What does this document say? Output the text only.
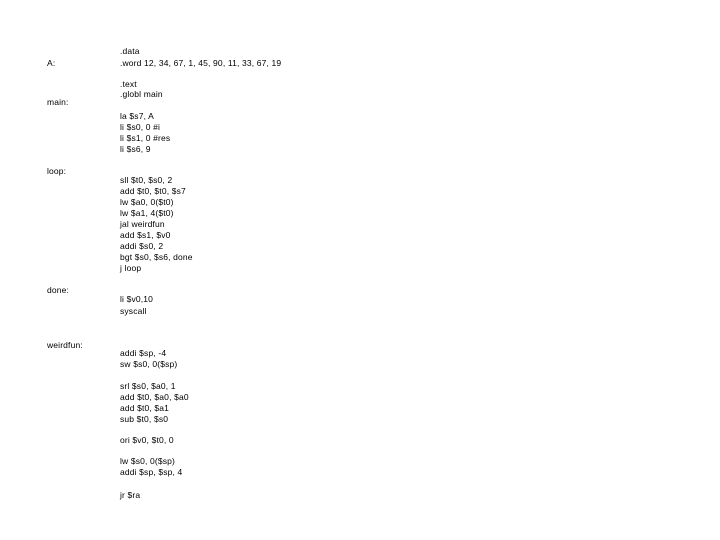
A:
main:
loop:
done:
weirdfun:
.data
.word 12, 34, 67, 1, 45, 90, 11, 33, 67, 19
.text
.globl main
la $s7, A
li $s0, 0 #i
li $s1, 0 #res
li $s6, 9
sll $t0, $s0, 2
add $t0, $t0, $s7
lw $a0, 0($t0)
lw $a1, 4($t0)
jal weirdfun
add $s1, $v0
addi $s0, 2
bgt $s0, $s6, done
j loop
li $v0,10
syscall
addi $sp, -4
sw $s0, 0($sp)
srl $s0, $a0, 1
add $t0, $a0, $a0
add $t0, $a1
sub $t0, $s0
ori $v0, $t0, 0
lw $s0, 0($sp)
addi $sp, $sp, 4
jr $ra
